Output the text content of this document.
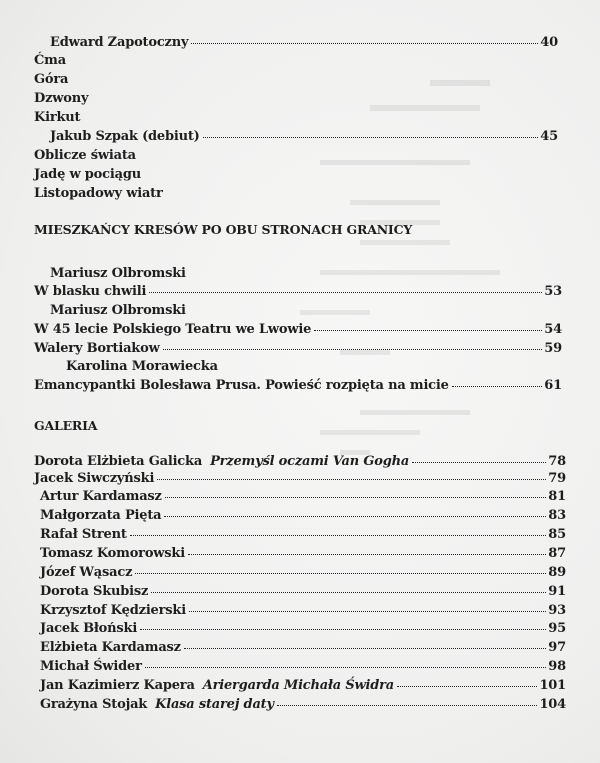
Edward Zapotoczny	40
Ćma
Góra
Dzwony
Kirkut
Jakub Szpak (debiut)	45
Oblicze świata
Jadę w pociągu
Listopadowy wiatr
MIESZKAŃCY KRESÓW PO OBU STRONACH GRANICY
Mariusz Olbromski
W blasku chwili	53
Mariusz Olbromski
W 45 lecie Polskiego Teatru we Lwowie	54
Walery Bortiakow	59
Karolina Morawiecka
Emancypantki Bolesława Prusa. Powieść rozpięta na micie	61
GALERIA
Dorota Elżbieta Galicka Przemyśl oczami Van Gogha	78
Jacek Siwczyński	79
Artur Kardamasz	81
Małgorzata Pięta	83
Rafał Strent	85
Tomasz Komorowski	87
Józef Wąsacz	89
Dorota Skubisz	91
Krzysztof Kędzierski	93
Jacek Błoński	95
Elżbieta Kardamasz	97
Michał Świder	98
Jan Kazimierz Kapera Ariergarda Michała Świdra	101
Grażyna Stojak Klasa starej daty	104
